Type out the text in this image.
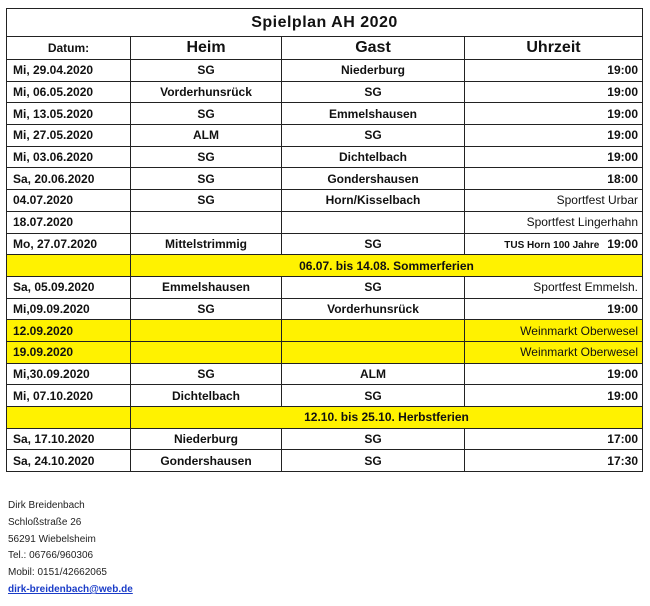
Spielplan AH 2020			
Datum:	Heim	Gast	Uhrzeit
Mi, 29.04.2020	SG	Niederburg	19:00
Mi, 06.05.2020	Vorderhunsrück	SG	19:00
Mi, 13.05.2020	SG	Emmelshausen	19:00
Mi, 27.05.2020	ALM	SG	19:00
Mi, 03.06.2020	SG	Dichtelbach	19:00
Sa, 20.06.2020	SG	Gondershausen	18:00
04.07.2020	SG	Horn/Kisselbach	Sportfest Urbar
18.07.2020			Sportfest Lingerhahn
Mo, 27.07.2020	Mittelstrimmig	SG	TUS Horn 100 Jahre 19:00
	06.07. bis 14.08. Sommerferien		
Sa, 05.09.2020	Emmelshausen	SG	Sportfest Emmelsh.
Mi,09.09.2020	SG	Vorderhunsrück	19:00
12.09.2020			Weinmarkt Oberwesel
19.09.2020			Weinmarkt Oberwesel
Mi,30.09.2020	SG	ALM	19:00
Mi, 07.10.2020	Dichtelbach	SG	19:00
	12.10. bis 25.10. Herbstferien		
Sa, 17.10.2020	Niederburg	SG	17:00
Sa, 24.10.2020	Gondershausen	SG	17:30
Dirk Breidenbach
Schloßstraße 26
56291 Wiebelsheim
Tel.: 06766/960306
Mobil: 0151/42662065
dirk-breidenbach@web.de
